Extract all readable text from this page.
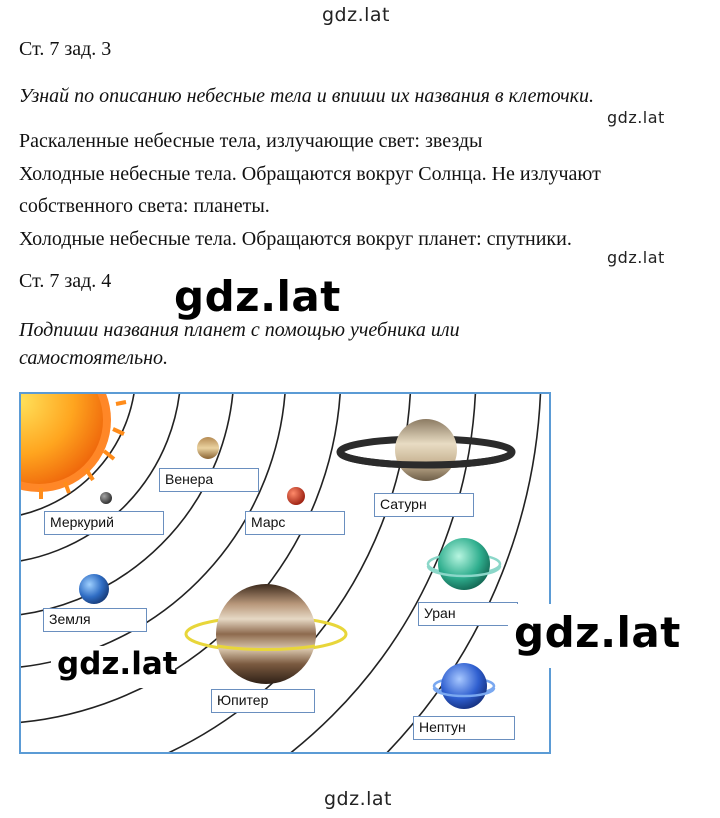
gdz.lat
gdz.lat
gdz.lat
gdz.lat
gdz.lat
Ст. 7 зад. 3
Узнай по описанию небесные тела и впиши их названия в клеточки.
Раскаленные небесные тела, излучающие свет: звезды
Холодные небесные тела. Обращаются вокруг Солнца. Не излучают
собственного света: планеты.
Холодные небесные тела. Обращаются вокруг планет: спутники.
Ст. 7 зад. 4
Подпиши названия планет с помощью учебника или
самостоятельно.
Венера
Меркурий	Марс
Сатурн
Земля	Уран
Юпитер
Нептун
gdz.lat
gdz.lat
